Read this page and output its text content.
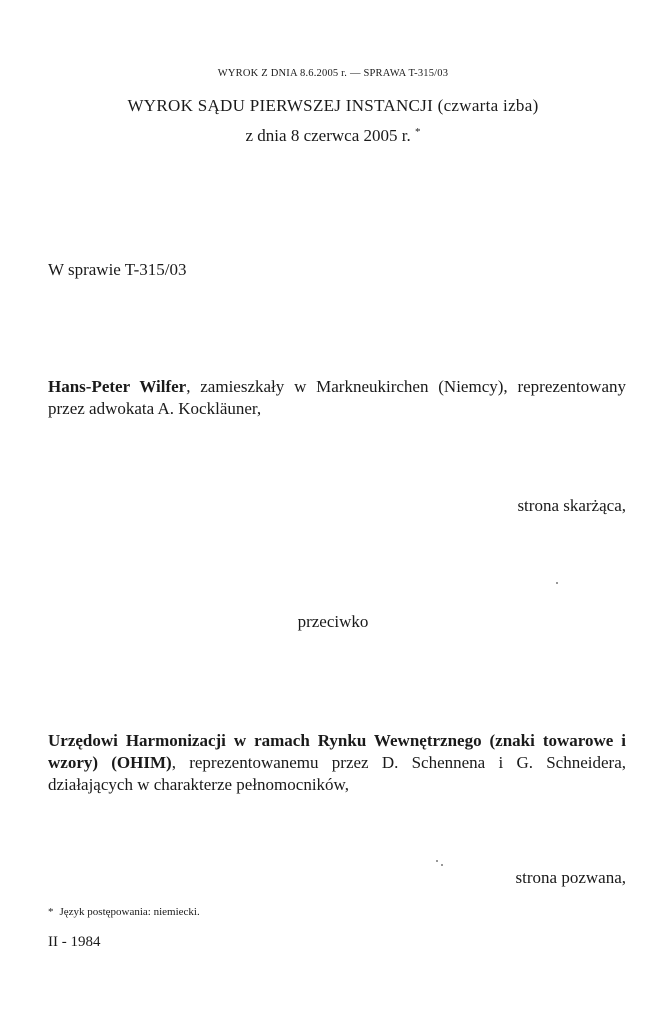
WYROK Z DNIA 8.6.2005 r. — SPRAWA T-315/03
WYROK SĄDU PIERWSZEJ INSTANCJI (czwarta izba)
z dnia 8 czerwca 2005 r. *
W sprawie T-315/03
Hans-Peter Wilfer, zamieszkały w Markneukirchen (Niemcy), reprezentowany przez adwokata A. Kockläuner,
strona skarżąca,
przeciwko
Urzędowi Harmonizacji w ramach Rynku Wewnętrznego (znaki towarowe i wzory) (OHIM), reprezentowanemu przez D. Schennena i G. Schneidera, działających w charakterze pełnomocników,
strona pozwana,
* Język postępowania: niemiecki.
II - 1984
